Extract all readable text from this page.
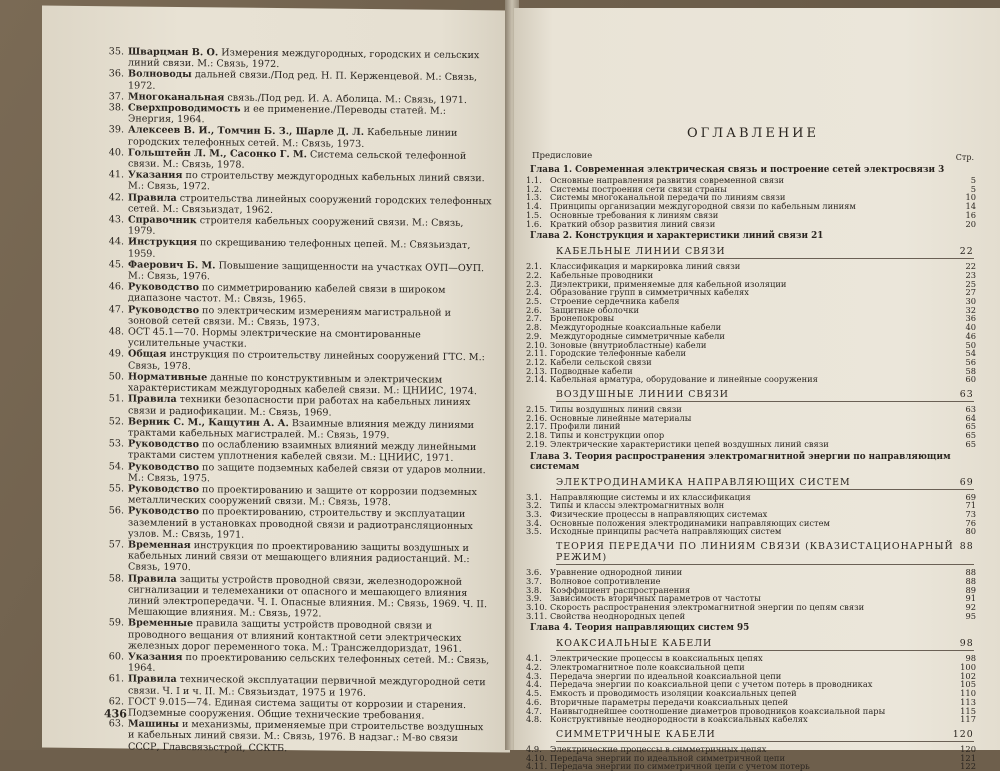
35. Шварцман В. О. Измерения междугородных, городских и сельских линий связи. М.: Связь, 1972.
36. Волноводы дальней связи./Под ред. Н. П. Керженцевой. М.: Связь, 1972.
37. Многоканальная связь./Под ред. И. А. Аболица. М.: Связь, 1971.
38. Сверхпроводимость и ее применение./Переводы статей. М.: Энергия, 1964.
39. Алексеев В. И., Томчин Б. З., Шарле Д. Л. Кабельные линии городских телефонных сетей. М.: Связь, 1973.
40. Гольштейн Л. М., Сасонко Г. М. Система сельской телефонной связи. М.: Связь, 1978.
41. Указания по строительству междугородных кабельных линий связи. М.: Связь, 1972.
42. Правила строительства линейных сооружений городских телефонных сетей. М.: Связьиздат, 1962.
43. Справочник строителя кабельных сооружений связи. М.: Связь, 1979.
44. Инструкция по скрещиванию телефонных цепей. М.: Связьиздат, 1959.
45. Фаерович Б. М. Повышение защищенности на участках ОУП—ОУП. М.: Связь, 1976.
46. Руководство по симметрированию кабелей связи в широком диапазоне частот. М.: Связь, 1965.
47. Руководство по электрическим измерениям магистральной и зоновой сетей связи. М.: Связь, 1973.
48. ОСТ 45.1—70. Нормы электрические на смонтированные усилительные участки.
49. Общая инструкция по строительству линейных сооружений ГТС. М.: Связь, 1978.
50. Нормативные данные по конструктивным и электрическим характеристикам междугородных кабелей связи. М.: ЦНИИС, 1974.
51. Правила техники безопасности при работах на кабельных линиях связи и радиофикации. М.: Связь, 1969.
52. Верник С. М., Кащутин А. А. Взаимные влияния между линиями трактами кабельных магистралей. М.: Связь, 1979.
53. Руководство по ослаблению взаимных влияний между линейными трактами систем уплотнения кабелей связи. М.: ЦНИИС, 1971.
54. Руководство по защите подземных кабелей связи от ударов молнии. М.: Связь, 1975.
55. Руководство по проектированию и защите от коррозии подземных металлических сооружений связи. М.: Связь, 1978.
56. Руководство по проектированию, строительству и эксплуатации заземлений в установках проводной связи и радиотрансляционных узлов. М.: Связь, 1971.
57. Временная инструкция по проектированию защиты воздушных и кабельных линий связи от мешающего влияния радиостанций. М.: Связь, 1970.
58. Правила защиты устройств проводной связи, железнодорожной сигнализации и телемеханики от опасного и мешающего влияния линий электропередачи. Ч. I. Опасные влияния. М.: Связь, 1969. Ч. II. Мешающие влияния. М.: Связь, 1972.
59. Временные правила защиты устройств проводной связи и проводного вещания от влияний контактной сети электрических железных дорог переменного тока. М.: Трансжелдориздат, 1961.
60. Указания по проектированию сельских телефонных сетей. М.: Связь, 1964.
61. Правила технической эксплуатации первичной междугородной сети связи. Ч. I и ч. II. М.: Связьиздат, 1975 и 1976.
62. ГОСТ 9.015—74. Единая система защиты от коррозии и старения. Подземные сооружения. Общие технические требования.
63. Машины и механизмы, применяемые при строительстве воздушных и кабельных линий связи. М.: Связь, 1976. В надзаг.: М-во связи СССР, Главсвязьстрой, ССКТБ.
436
ОГЛАВЛЕНИЕ
Предисловие	Стр.
Глава 1. Современная электрическая связь и построение сетей электросвязи 3
1.1. Основные направления развития современной связи	5
1.2. Системы построения сети связи страны	5
1.3. Системы многоканальной передачи по линиям связи	10
1.4. Принципы организации междугородной связи по кабельным линиям	14
1.5. Основные требования к линиям связи	16
1.6. Краткий обзор развития линий связи	20
Глава 2. Конструкция и характеристики линий связи 21
КАБЕЛЬНЫЕ ЛИНИИ СВЯЗИ	22
2.1. Классификация и маркировка линий связи	22
2.2. Кабельные проводники	23
2.3. Диэлектрики, применяемые для кабельной изоляции	25
2.4. Образование групп в симметричных кабелях	27
2.5. Строение сердечника кабеля	30
2.6. Защитные оболочки	32
2.7. Бронепокровы	36
2.8. Междугородные коаксиальные кабели	40
2.9. Междугородные симметричные кабели	46
2.10. Зоновые (внутриобластные) кабели	50
2.11. Городские телефонные кабели	54
2.12. Кабели сельской связи	56
2.13. Подводные кабели	58
2.14. Кабельная арматура, оборудование и линейные сооружения	60
ВОЗДУШНЫЕ ЛИНИИ СВЯЗИ	63
2.15. Типы воздушных линий связи	63
2.16. Основные линейные материалы	64
2.17. Профили линий	65
2.18. Типы и конструкции опор	65
2.19. Электрические характеристики цепей воздушных линий связи	65
Глава 3. Теория распространения электромагнитной энергии по направляющим системам
ЭЛЕКТРОДИНАМИКА НАПРАВЛЯЮЩИХ СИСТЕМ	69
3.1. Направляющие системы и их классификация	69
3.2. Типы и классы электромагнитных волн	71
3.3. Физические процессы в направляющих системах	73
3.4. Основные положения электродинамики направляющих систем	76
3.5. Исходные принципы расчета направляющих систем	80
ТЕОРИЯ ПЕРЕДАЧИ ПО ЛИНИЯМ СВЯЗИ (КВАЗИСТАЦИОНАРНЫЙ РЕЖИМ)
88
3.6. Уравнение однородной линии	88
3.7. Волновое сопротивление	88
3.8. Коэффициент распространения	89
3.9. Зависимость вторичных параметров от частоты	91
3.10. Скорость распространения электромагнитной энергии по цепям связи	92
3.11. Свойства неоднородных цепей	95
Глава 4. Теория направляющих систем 95
КОАКСИАЛЬНЫЕ КАБЕЛИ	98
4.1. Электрические процессы в коаксиальных цепях	98
4.2. Электромагнитное поле коаксиальной цепи	100
4.3. Передача энергии по идеальной коаксиальной цепи	102
4.4. Передача энергии по коаксиальной цепи с учетом потерь в проводниках	105
4.5. Емкость и проводимость изоляции коаксиальных цепей	110
4.6. Вторичные параметры передачи коаксиальных цепей	113
4.7. Наивыгоднейшее соотношение диаметров проводников коаксиальной пары	115
4.8. Конструктивные неоднородности в коаксиальных кабелях	117
СИММЕТРИЧНЫЕ КАБЕЛИ	120
4.9. Электрические процессы в симметричных цепях	120
4.10. Передача энергии по идеальной симметричной цепи	121
4.11. Передача энергии по симметричной цепи с учетом потерь	122
